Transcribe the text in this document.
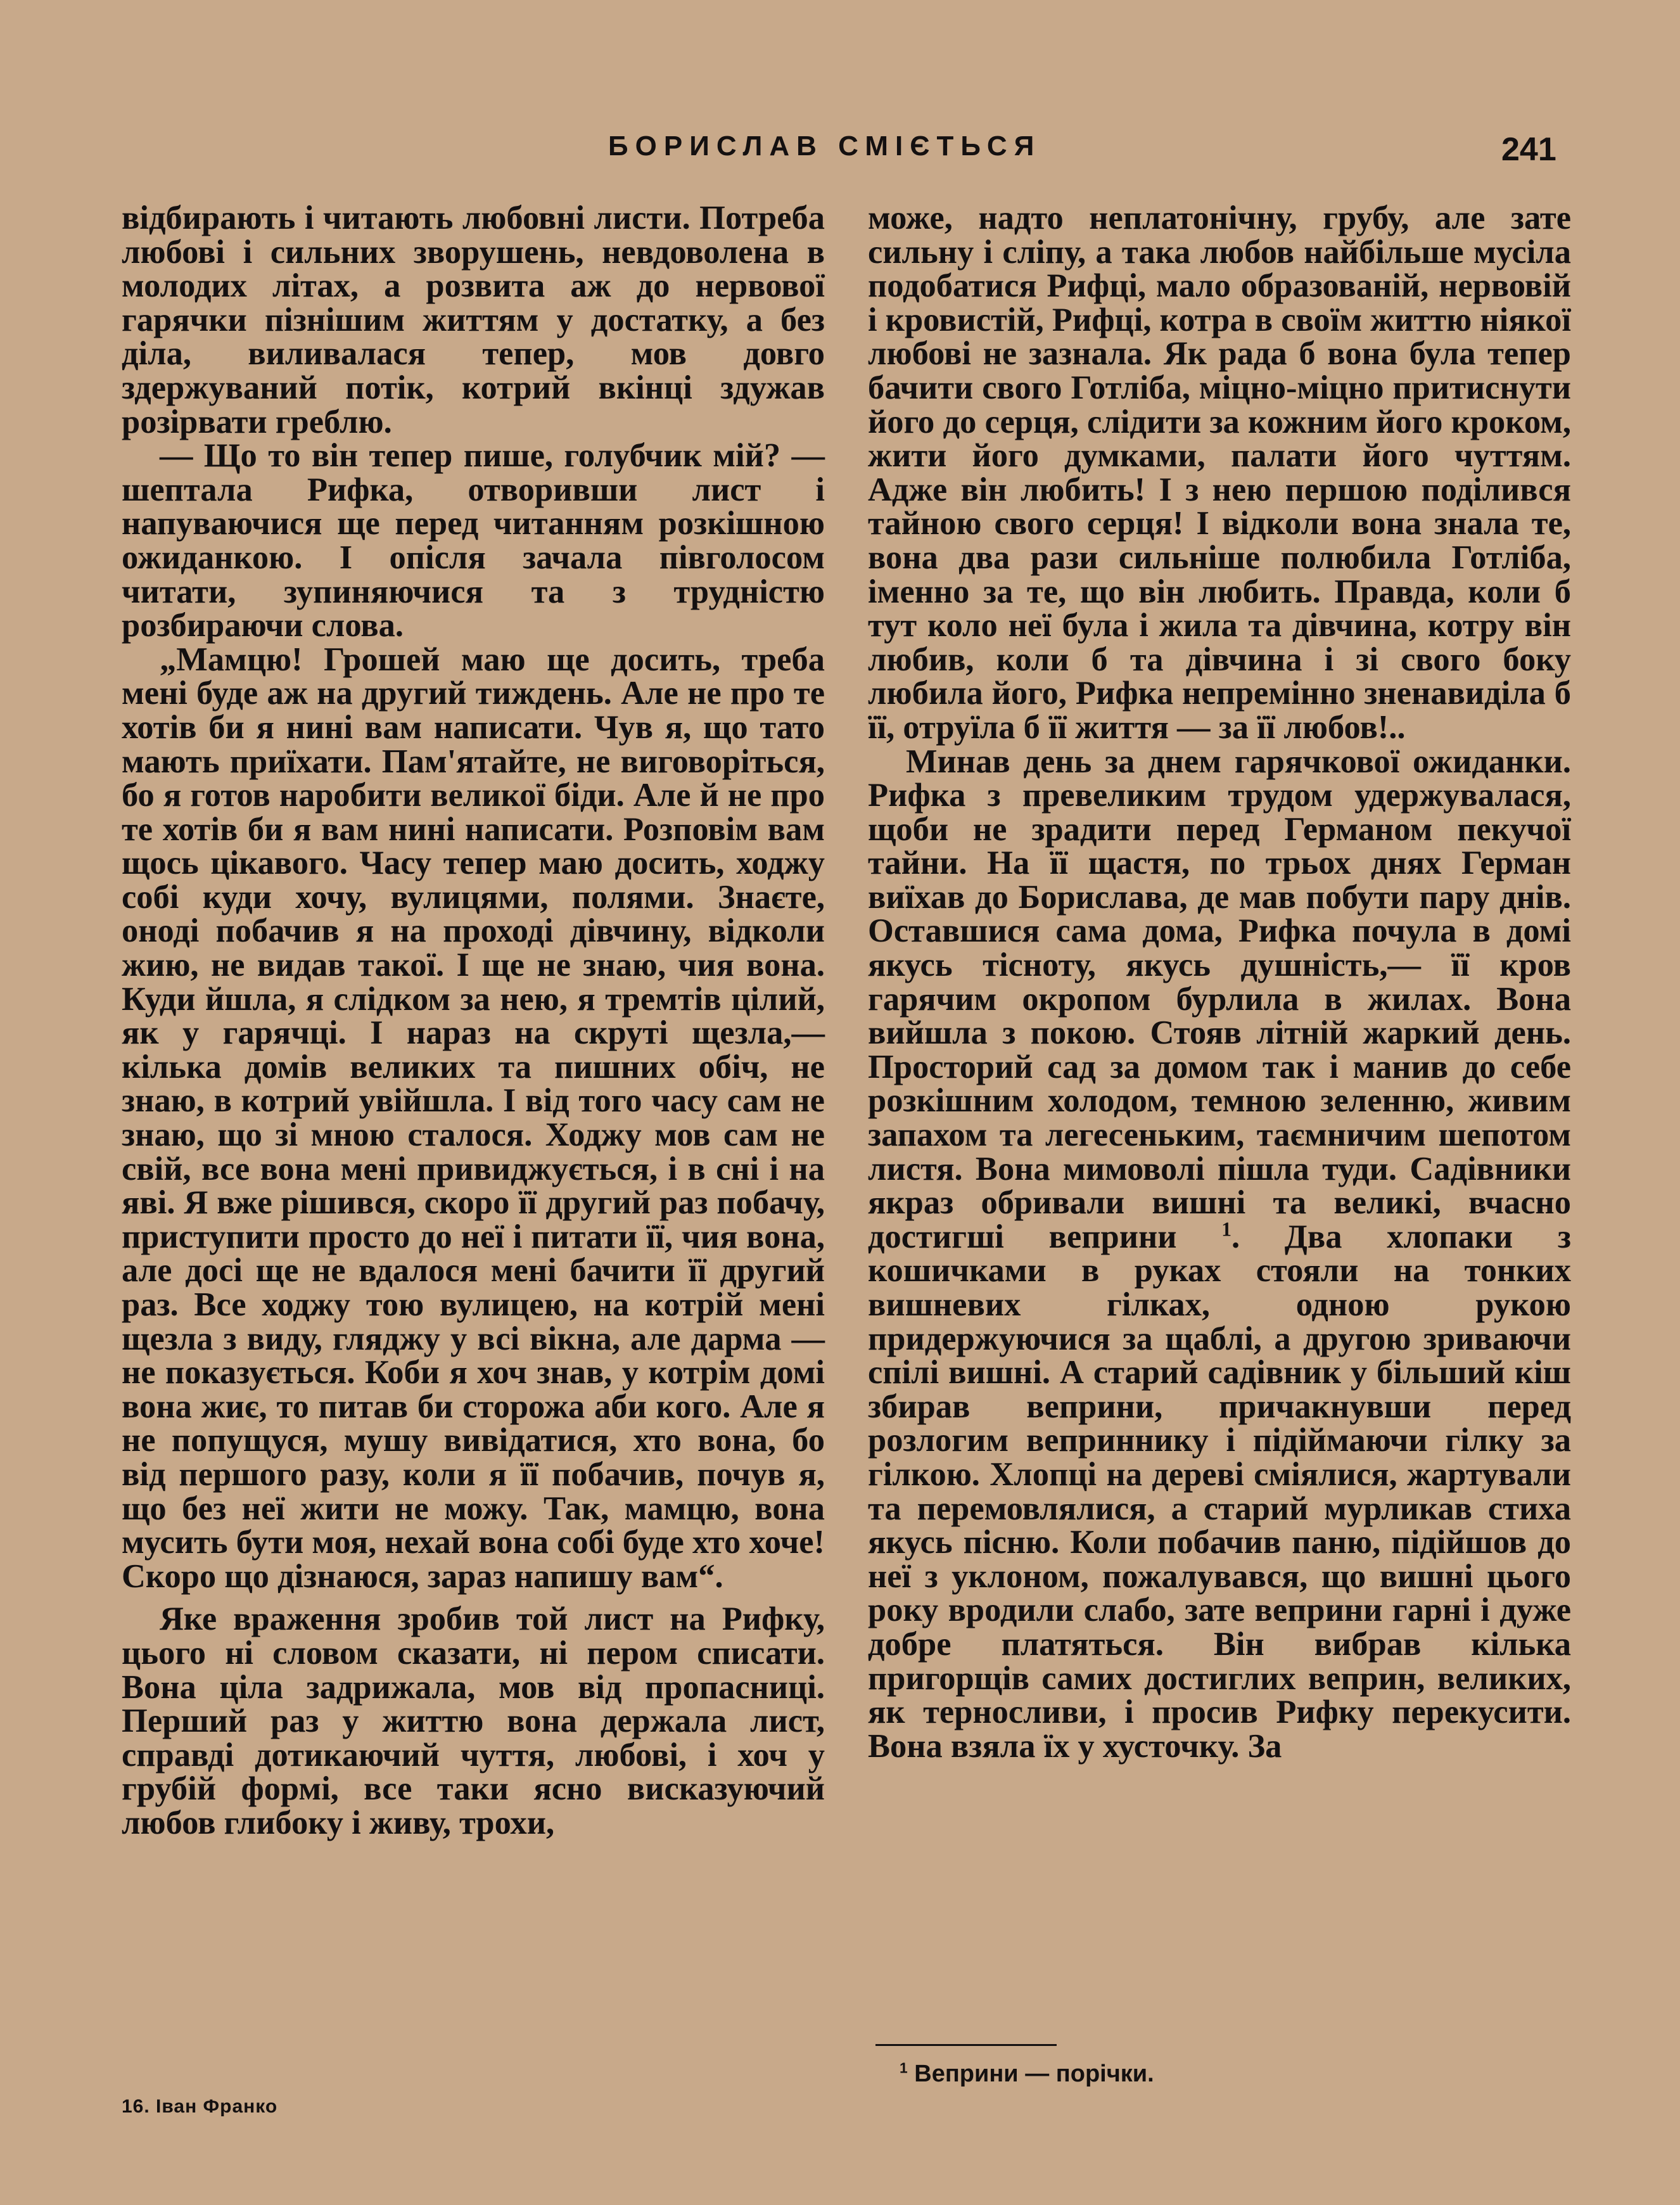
БОРИСЛАВ СМІЄТЬСЯ	241

відбирають і читають любовні листи. Потреба любові і сильних зворушень, невдоволена в молодих літах, а розвита аж до нервової гарячки пізнішим життям у достатку, а без діла, виливалася тепер, мов довго здержуваний потік, котрий вкінці здужав розірвати греблю.

— Що то він тепер пише, голубчик мій? — шептала Рифка, отворивши лист і напуваючися ще перед читанням розкішною ожиданкою. І опісля зачала півголосом читати, зупиняючися та з трудністю розбираючи слова.

„Мамцю! Грошей маю ще досить, треба мені буде аж на другий тиждень. Але не про те хотів би я нині вам написати. Чув я, що тато мають приїхати. Пам'ятайте, не виговоріться, бо я готов наробити великої біди. Але й не про те хотів би я вам нині написати. Розповім вам щось цікавого. Часу тепер маю досить, ходжу собі куди хочу, вулицями, полями. Знаєте, оноді побачив я на проході дівчину, відколи жию, не видав такої. І ще не знаю, чия вона. Куди йшла, я слідком за нею, я тремтів цілий, як у гарячці. І нараз на скруті щезла,— кілька домів великих та пишних обіч, не знаю, в котрий увійшла. І від того часу сам не знаю, що зі мною сталося. Ходжу мов сам не свій, все вона мені привиджується, і в сні і на яві. Я вже рішився, скоро її другий раз побачу, приступити просто до неї і питати її, чия вона, але досі ще не вдалося мені бачити її другий раз. Все ходжу тою вулицею, на котрій мені щезла з виду, гляджу у всі вікна, але дарма — не показується. Коби я хоч знав, у котрім домі вона жиє, то питав би сторожа аби кого. Але я не попущуся, мушу вивідатися, хто вона, бо від першого разу, коли я її побачив, почув я, що без неї жити не можу. Так, мамцю, вона мусить бути моя, нехай вона собі буде хто хоче! Скоро що дізнаюся, зараз напишу вам“.

Яке враження зробив той лист на Рифку, цього ні словом сказати, ні пером списати. Вона ціла задрижала, мов від пропасниці. Перший раз у життю вона держала лист, справді дотикаючий чуття, любові, і хоч у грубій формі, все таки ясно висказуючий любов глибоку і живу, трохи,

може, надто неплатонічну, грубу, але зате сильну і сліпу, а така любов найбільше мусіла подобатися Рифці, мало образованій, нервовій і кровистій, Рифці, котра в своїм життю ніякої любові не зазнала. Як рада б вона була тепер бачити свого Готліба, міцно-міцно притиснути його до серця, слідити за кожним його кроком, жити його думками, палати його чуттям. Адже він любить! І з нею першою поділився тайною свого серця! І відколи вона знала те, вона два рази сильніше полюбила Готліба, іменно за те, що він любить. Правда, коли б тут коло неї була і жила та дівчина, котру він любив, коли б та дівчина і зі свого боку любила його, Рифка непремінно зненавиділа б її, отруїла б її життя — за її любов!..

Минав день за днем гарячкової ожиданки. Рифка з превеликим трудом удержувалася, щоби не зрадити перед Германом пекучої тайни. На її щастя, по трьох днях Герман виїхав до Борислава, де мав побути пару днів. Оставшися сама дома, Рифка почула в домі якусь тісноту, якусь душність,— її кров гарячим окропом бурлила в жилах. Вона вийшла з покою. Стояв літній жаркий день. Просторий сад за домом так і манив до себе розкішним холодом, темною зеленню, живим запахом та легесеньким, таємничим шепотом листя. Вона мимоволі пішла туди. Садівники якраз обривали вишні та великі, вчасно достигші веприни $^1$. Два хлопаки з кошичками в руках стояли на тонких вишневих гілках, одною рукою придержуючися за щаблі, а другою зриваючи спілі вишні. А старий садівник у більший кіш збирав веприни, причакнувши перед розлогим веприннику і підіймаючи гілку за гілкою. Хлопці на дереві сміялися, жартували та перемовлялися, а старий мурликав стиха якусь пісню. Коли побачив паню, підійшов до неї з уклоном, пожалувався, що вишні цього року вродили слабо, зате веприни гарні і дуже добре платяться. Він вибрав кілька пригорщів самих достиглих веприн, великих, як терносливи, і просив Рифку перекусити. Вона взяла їх у хусточку. За

16. Іван Франко
$^1$ Веприни — порічки.
